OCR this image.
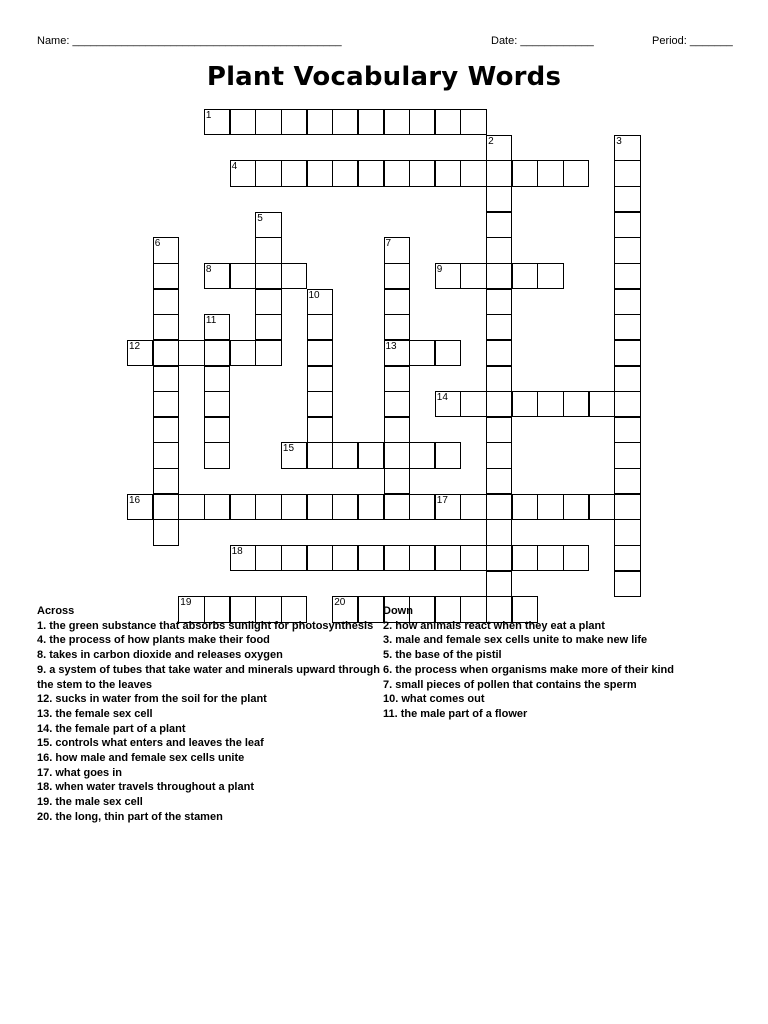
Name: ____________________________________________	Date: ____________	Period: _______
Plant Vocabulary Words
1
4
8	9
12	13
14
15
16	17
18
19	20
2	3
5
6	7
10
11
Across
1. the green substance that absorbs sunlight for photosynthesis
4. the process of how plants make their food
8. takes in carbon dioxide and releases oxygen
9. a system of tubes that take water and minerals upward through the stem to the leaves
12. sucks in water from the soil for the plant
13. the female sex cell
14. the female part of a plant
15. controls what enters and leaves the leaf
16. how male and female sex cells unite
17. what goes in
18. when water travels throughout a plant
19. the male sex cell
20. the long, thin part of the stamen
Down
2. how animals react when they eat a plant
3. male and female sex cells unite to make new life
5. the base of the pistil
6. the process when organisms make more of their kind
7. small pieces of pollen that contains the sperm
10. what comes out
11. the male part of a flower
